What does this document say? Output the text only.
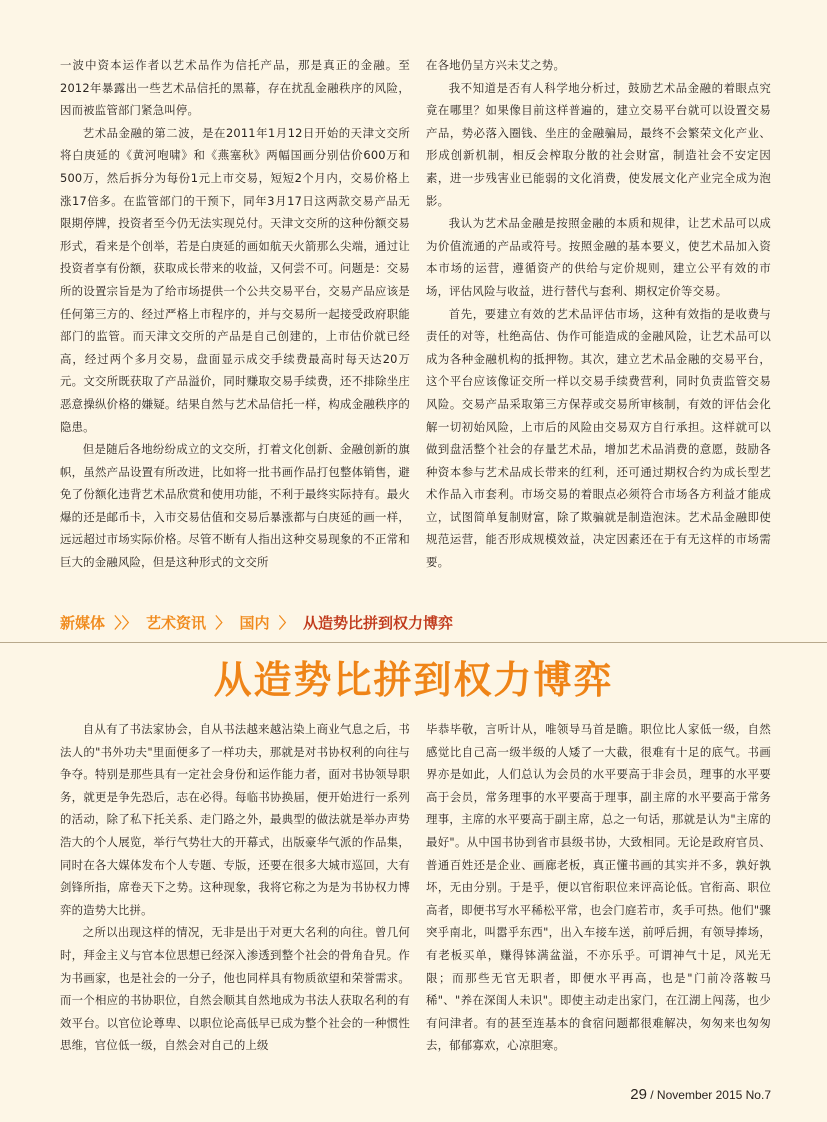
一波中资本运作者以艺术品作为信托产品，那是真正的金融。至2012年暴露出一些艺术品信托的黑幕，存在扰乱金融秩序的风险，因而被监管部门紧急叫停。

艺术品金融的第二波，是在2011年1月12日开始的天津文交所将白庚延的《黄河咆啸》和《燕塞秋》两幅国画分别估价600万和500万，然后拆分为每份1元上市交易，短短2个月内，交易价格上涨17倍多。在监管部门的干预下，同年3月17日这两款交易产品无限期停牌，投资者至今仍无法实现兑付。天津文交所的这种份额交易形式，看来是个创举，若是白庚延的画如航天火箭那么尖端，通过让投资者享有份额，获取成长带来的收益，又何尝不可。问题是：交易所的设置宗旨是为了给市场提供一个公共交易平台，交易产品应该是任何第三方的、经过严格上市程序的，并与交易所一起接受政府职能部门的监管。而天津文交所的产品是自己创建的，上市估价就已经高，经过两个多月交易，盘面显示成交手续费最高时每天达20万元。文交所既获取了产品溢价，同时赚取交易手续费，还不排除坐庄恶意操纵价格的嫌疑。结果自然与艺术品信托一样，构成金融秩序的隐患。

但是随后各地纷纷成立的文交所，打着文化创新、金融创新的旗帜，虽然产品设置有所改进，比如将一批书画作品打包整体销售，避免了份额化违背艺术品欣赏和使用功能，不利于最终实际持有。最火爆的还是邮币卡，入市交易估值和交易后暴涨都与白庚延的画一样，远远超过市场实际价格。尽管不断有人指出这种交易现象的不正常和巨大的金融风险，但是这种形式的文交所

在各地仍呈方兴未艾之势。

我不知道是否有人科学地分析过，鼓励艺术品金融的着眼点究竟在哪里？如果像目前这样普遍的，建立交易平台就可以设置交易产品，势必落入圈钱、坐庄的金融骗局，最终不会繁荣文化产业、形成创新机制，相反会榨取分散的社会财富，制造社会不安定因素，进一步残害业已能弱的文化消费，使发展文化产业完全成为泡影。

我认为艺术品金融是按照金融的本质和规律，让艺术品可以成为价值流通的产品或符号。按照金融的基本要义，使艺术品加入资本市场的运营，遵循资产的供给与定价规则，建立公平有效的市场，评估风险与收益，进行替代与套利、期权定价等交易。

首先，要建立有效的艺术品评估市场，这种有效指的是收费与责任的对等，杜绝高估、伪作可能造成的金融风险，让艺术品可以成为各种金融机构的抵押物。其次，建立艺术品金融的交易平台，这个平台应该像证交所一样以交易手续费营利，同时负责监管交易风险。交易产品采取第三方保荐或交易所审核制，有效的评估会化解一切初始风险，上市后的风险由交易双方自行承担。这样就可以做到盘活整个社会的存量艺术品，增加艺术品消费的意愿，鼓励各种资本参与艺术品成长带来的红利，还可通过期权合约为成长型艺术作品入市套利。市场交易的着眼点必须符合市场各方利益才能成立，试图简单复制财富，除了欺骗就是制造泡沫。艺术品金融即使规范运营，能否形成规模效益，决定因素还在于有无这样的市场需要。

新媒体 〉〉 艺术资讯 〉 国内 〉 从造势比拼到权力博弈
从造势比拼到权力博弈

自从有了书法家协会，自从书法越来越沾染上商业气息之后，书法人的"书外功夫"里面便多了一样功夫，那就是对书协权利的向往与争夺。特别是那些具有一定社会身份和运作能力者，面对书协领导职务，就更是争先恐后，志在必得。每临书协换届，便开始进行一系列的活动，除了私下托关系、走门路之外，最典型的做法就是举办声势浩大的个人展览，举行气势壮大的开幕式，出版豪华气派的作品集，同时在各大媒体发布个人专题、专版，还要在很多大城市巡回，大有剑锋所指，席卷天下之势。这种现象，我将它称之为是为书协权力博弈的造势大比拼。

之所以出现这样的情况，无非是出于对更大名利的向往。曾几何时，拜金主义与官本位思想已经深入渗透到整个社会的骨角旮旯。作为书画家，也是社会的一分子，他也同样具有物质欲望和荣誉需求。而一个相应的书协职位，自然会顺其自然地成为书法人获取名利的有效平台。以官位论尊卑、以职位论高低早已成为整个社会的一种惯性思维，官位低一级，自然会对自己的上级

毕恭毕敬，言听计从，唯领导马首是瞻。职位比人家低一级，自然感觉比自己高一级半级的人矮了一大截，很难有十足的底气。书画界亦是如此，人们总认为会员的水平要高于非会员，理事的水平要高于会员，常务理事的水平要高于理事，副主席的水平要高于常务理事，主席的水平要高于副主席，总之一句话，那就是认为"主席的最好"。从中国书协到省市县级书协，大致相同。无论是政府官员、普通百姓还是企业、画廊老板，真正懂书画的其实并不多，孰好孰坏，无由分别。于是乎，便以官衔职位来评高论低。官衔高、职位高者，即便书写水平稀松平常，也会门庭若市，炙手可热。他们"骤突乎南北，叫嚣乎东西"，出入车接车送，前呼后拥，有领导捧场，有老板买单，赚得钵满盆溢，不亦乐乎。可谓神气十足，风光无限；而那些无官无职者，即便水平再高，也是"门前冷落鞍马稀"、"养在深闺人未识"。即使主动走出家门，在江湖上闯荡，也少有问津者。有的甚至连基本的食宿问题都很难解决，匆匆来也匆匆去，郁郁寡欢，心凉胆寒。

29 / November 2015 No.7
